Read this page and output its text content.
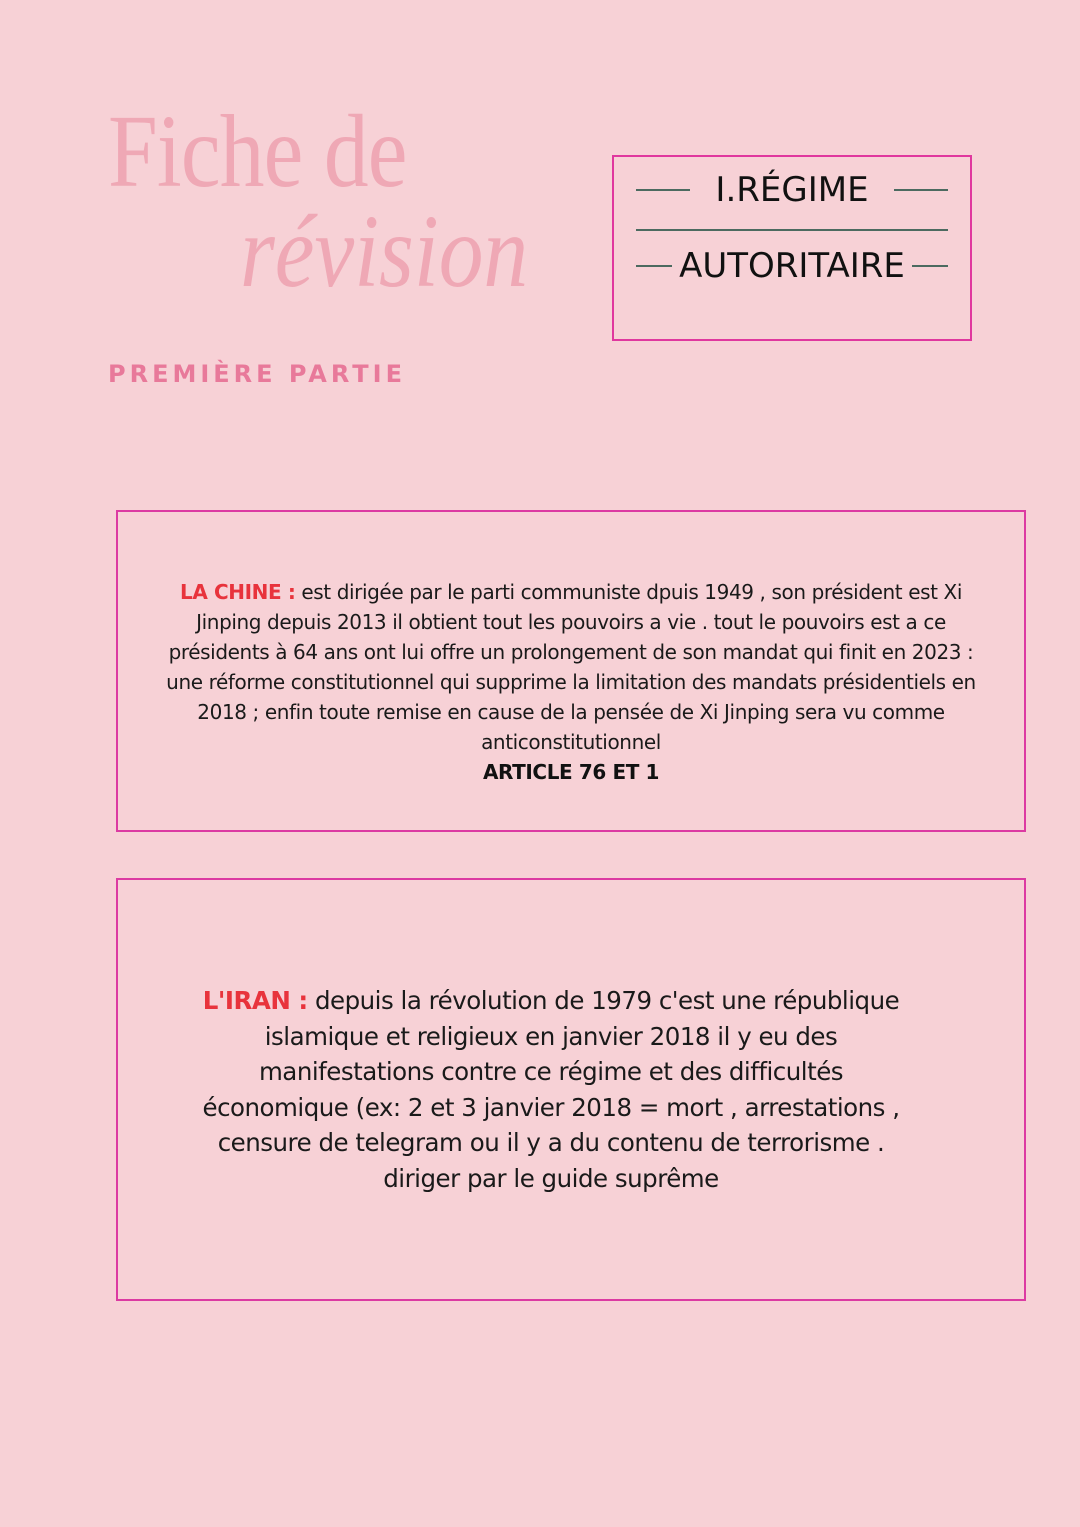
Fiche de
révision
PREMIÈRE PARTIE
I.RÉGIME
AUTORITAIRE
LA CHINE : est dirigée par le parti communiste dpuis 1949 , son président est Xi Jinping depuis 2013 il obtient tout les pouvoirs a vie . tout le pouvoirs est a ce présidents à 64 ans ont lui offre un prolongement de son mandat qui finit en 2023 : une réforme constitutionnel qui supprime la limitation des mandats présidentiels en 2018 ; enfin toute remise en cause de la pensée de Xi Jinping sera vu comme anticonstitutionnel
ARTICLE 76 ET 1
L'IRAN : depuis la révolution de 1979 c'est une république islamique et religieux en janvier 2018 il y eu des manifestations contre ce régime et des difficultés économique (ex: 2 et 3 janvier 2018 = mort , arrestations , censure de telegram ou il y a du contenu de terrorisme . diriger par le guide suprême
